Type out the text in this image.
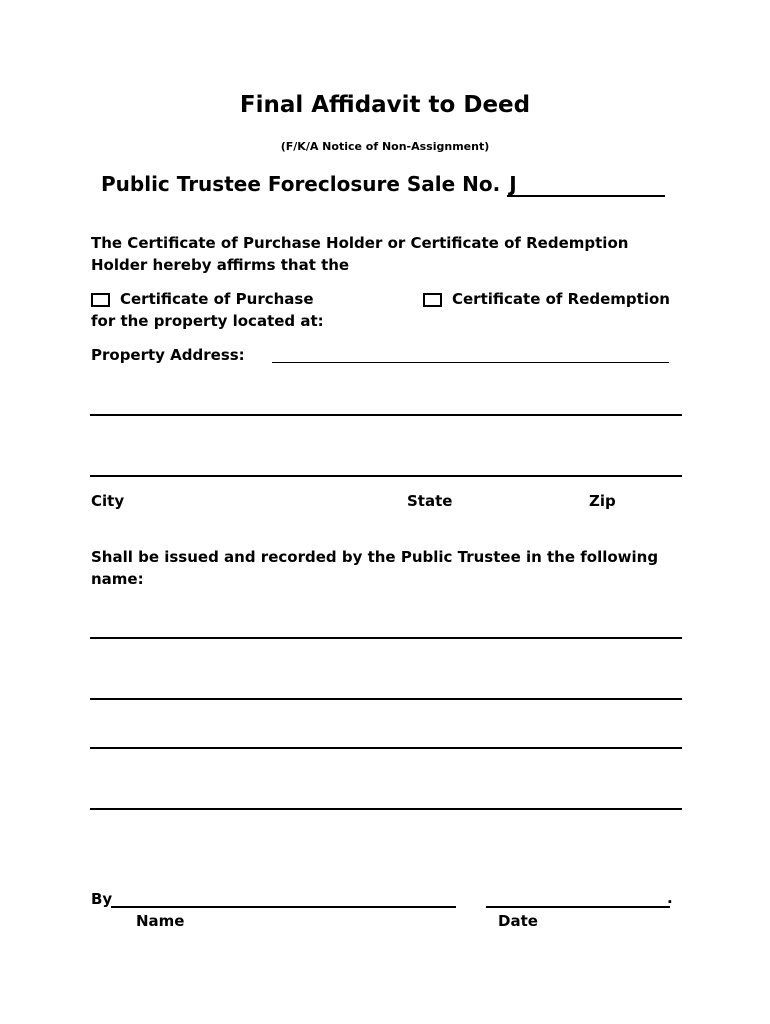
Final Affidavit to Deed
(F/K/A Notice of Non-Assignment)
Public Trustee Foreclosure Sale No. J
The Certificate of Purchase Holder or Certificate of Redemption
Holder hereby affirms that the
Certificate of Purchase	Certificate of Redemption
for the property located at:
Property Address:
City	State	Zip
Shall be issued and recorded by the Public Trustee in the following
name:
By	.
Name	Date
